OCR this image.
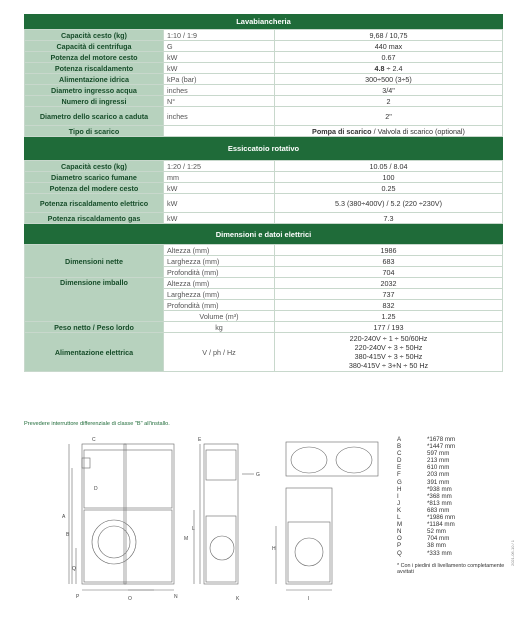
Lavabiancheria
Capacità cesto (kg)	1:10 / 1:9	9,68 / 10,75
Capacità di centrifuga	G	440 max
Potenza del motore cesto	kW	0.67
Potenza riscaldamento	kW	4.8 ÷ 2.4
Alimentazione idrica	kPa (bar)	300÷500 (3÷5)
Diametro ingresso acqua	inches	3/4"
Numero di ingressi	N°	2
Diametro dello scarico a caduta	inches	2"
Tipo di scarico		Pompa di scarico / Valvola di scarico (optional)
Essiccatoio rotativo
Capacità cesto (kg)	1:20 / 1:25	10.05 / 8.04
Diametro scarico fumane	mm	100
Potenza del modere cesto	kW	0.25
Potenza riscaldamento elettrico	kW	5.3 (380÷400V) / 5.2 (220 ÷230V)
Potenza riscaldamento gas	kW	7.3
Dimensioni e datoi elettrici
Dimensioni nette	Altezza (mm)	1986
	Larghezza (mm)	683
	Profondità (mm)	704
Dimensione imballo	Altezza (mm)	2032
	Larghezza (mm)	737
	Profondità (mm)	832
	Volume (m³)	1.25
Peso netto / Peso lordo	kg	177 / 193
Alimentazione elettrica	V / ph / Hz	220-240V ÷ 1 ÷ 50/60Hz
220-240V ÷ 3 ÷ 50Hz
380-415V ÷ 3 ÷ 50Hz
380-415V ÷ 3+N ÷ 50 Hz
Prevedere interruttore differenziale di classe "B" all'installo.
C	E
A
B
Q
D
O	N
P
L
M
G
K
H
I
A	*1678 mm
B	*1447 mm
C	597 mm
D	213 mm
E	610 mm
F	203 mm
G	391 mm
H	*938 mm
I	*368 mm
J	*813 mm
K	683 mm
L	*1986 mm
M	*1184 mm
N	52 mm
O	704 mm
P	38 mm
Q	*333 mm
* Con i piedini di livellamento completamente avvitati
2021-06-10 / 1
